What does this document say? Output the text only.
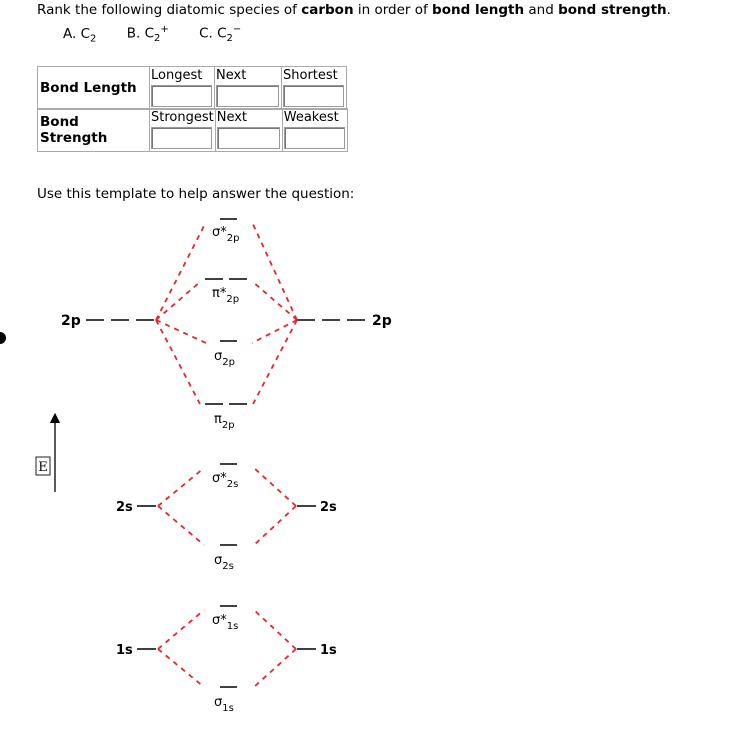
Rank the following diatomic species of carbon in order of bond length and bond strength.
A. $C_2$ B. $C_2^+$ C. $C_2^-$
Bond Length	Longest	Next	Shortest
Bond Strength	Strongest	Next	Weakest
Use this template to help answer the question:
E
2p
2s
1s
2p
2s
1s
$\sigma*_{2p}$
$\pi*_{2p}$
$\sigma_{2p}$
$\pi_{2p}$
$\sigma*_{2s}$
$\sigma_{2s}$
$\sigma*_{1s}$
$\sigma_{1s}$
